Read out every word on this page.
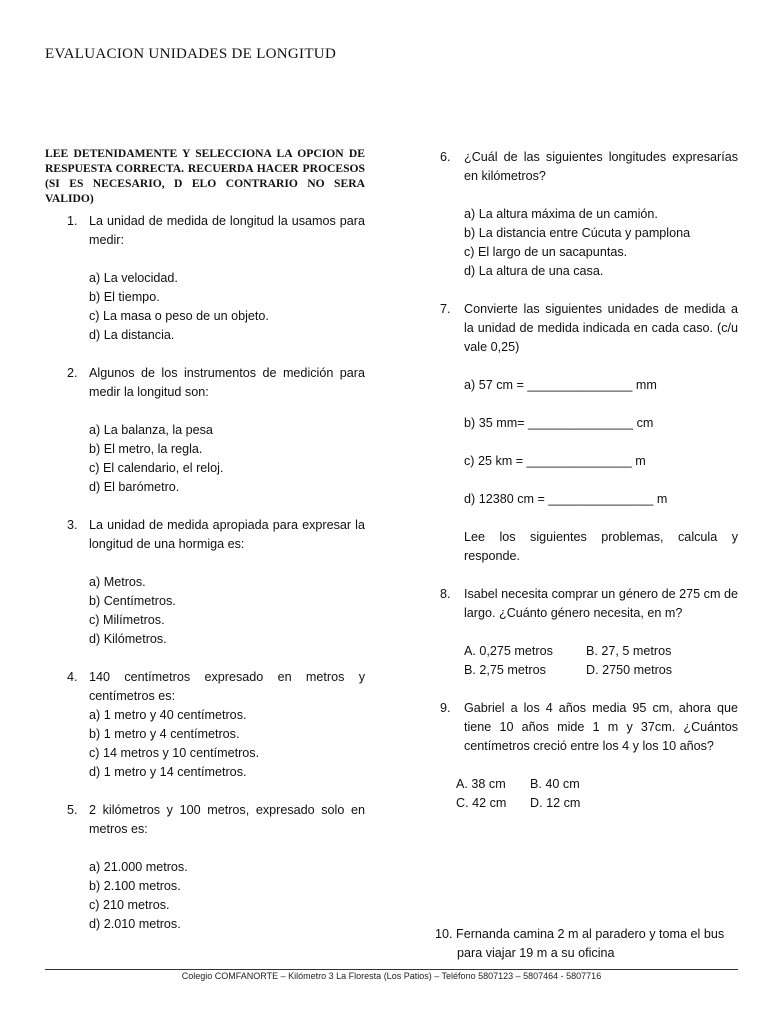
EVALUACION UNIDADES DE LONGITUD
LEE DETENIDAMENTE Y SELECCIONA LA OPCION DE RESPUESTA CORRECTA. RECUERDA HACER PROCESOS (SI ES NECESARIO, D ELO CONTRARIO NO SERA VALIDO)
1. La unidad de medida de longitud la usamos para medir:
a) La velocidad.
b) El tiempo.
c) La masa o peso de un objeto.
d) La distancia.
2. Algunos de los instrumentos de medición para medir la longitud son:
a) La balanza, la pesa
b) El metro, la regla.
c) El calendario, el reloj.
d) El barómetro.
3. La unidad de medida apropiada para expresar la longitud de una hormiga es:
a) Metros.
b) Centímetros.
c) Milímetros.
d) Kilómetros.
4. 140 centímetros expresado en metros y centímetros es:
a) 1 metro y 40 centímetros.
b) 1 metro y 4 centímetros.
c) 14 metros y 10 centímetros.
d) 1 metro y 14 centímetros.
5. 2 kilómetros y 100 metros, expresado solo en metros es:
a) 21.000 metros.
b) 2.100 metros.
c) 210 metros.
d) 2.010 metros.
6. ¿Cuál de las siguientes longitudes expresarías en kilómetros?
a) La altura máxima de un camión.
b) La distancia entre Cúcuta y pamplona
c) El largo de un sacapuntas.
d) La altura de una casa.
7. Convierte las siguientes unidades de medida a la unidad de medida indicada en cada caso. (c/u vale 0,25)
a) 57 cm = _______________ mm
b) 35 mm= _______________ cm
c) 25 km = _______________ m
d) 12380 cm = _______________ m
Lee los siguientes problemas, calcula y responde.
8. Isabel necesita comprar un género de 275 cm de largo. ¿Cuánto género necesita, en m?
A. 0,275 metros	B. 27, 5 metros
B. 2,75 metros	D. 2750 metros
9. Gabriel a los 4 años media 95 cm, ahora que tiene 10 años mide 1 m y 37cm. ¿Cuántos centímetros creció entre los 4 y los 10 años?
A. 38 cm	B. 40 cm
C. 42 cm	D. 12 cm
10. Fernanda camina 2 m al paradero y toma el bus para viajar 19 m a su oficina
Colegio COMFANORTE – Kilómetro 3 La Floresta (Los Patios) – Teléfono 5807123 – 5807464 - 5807716
